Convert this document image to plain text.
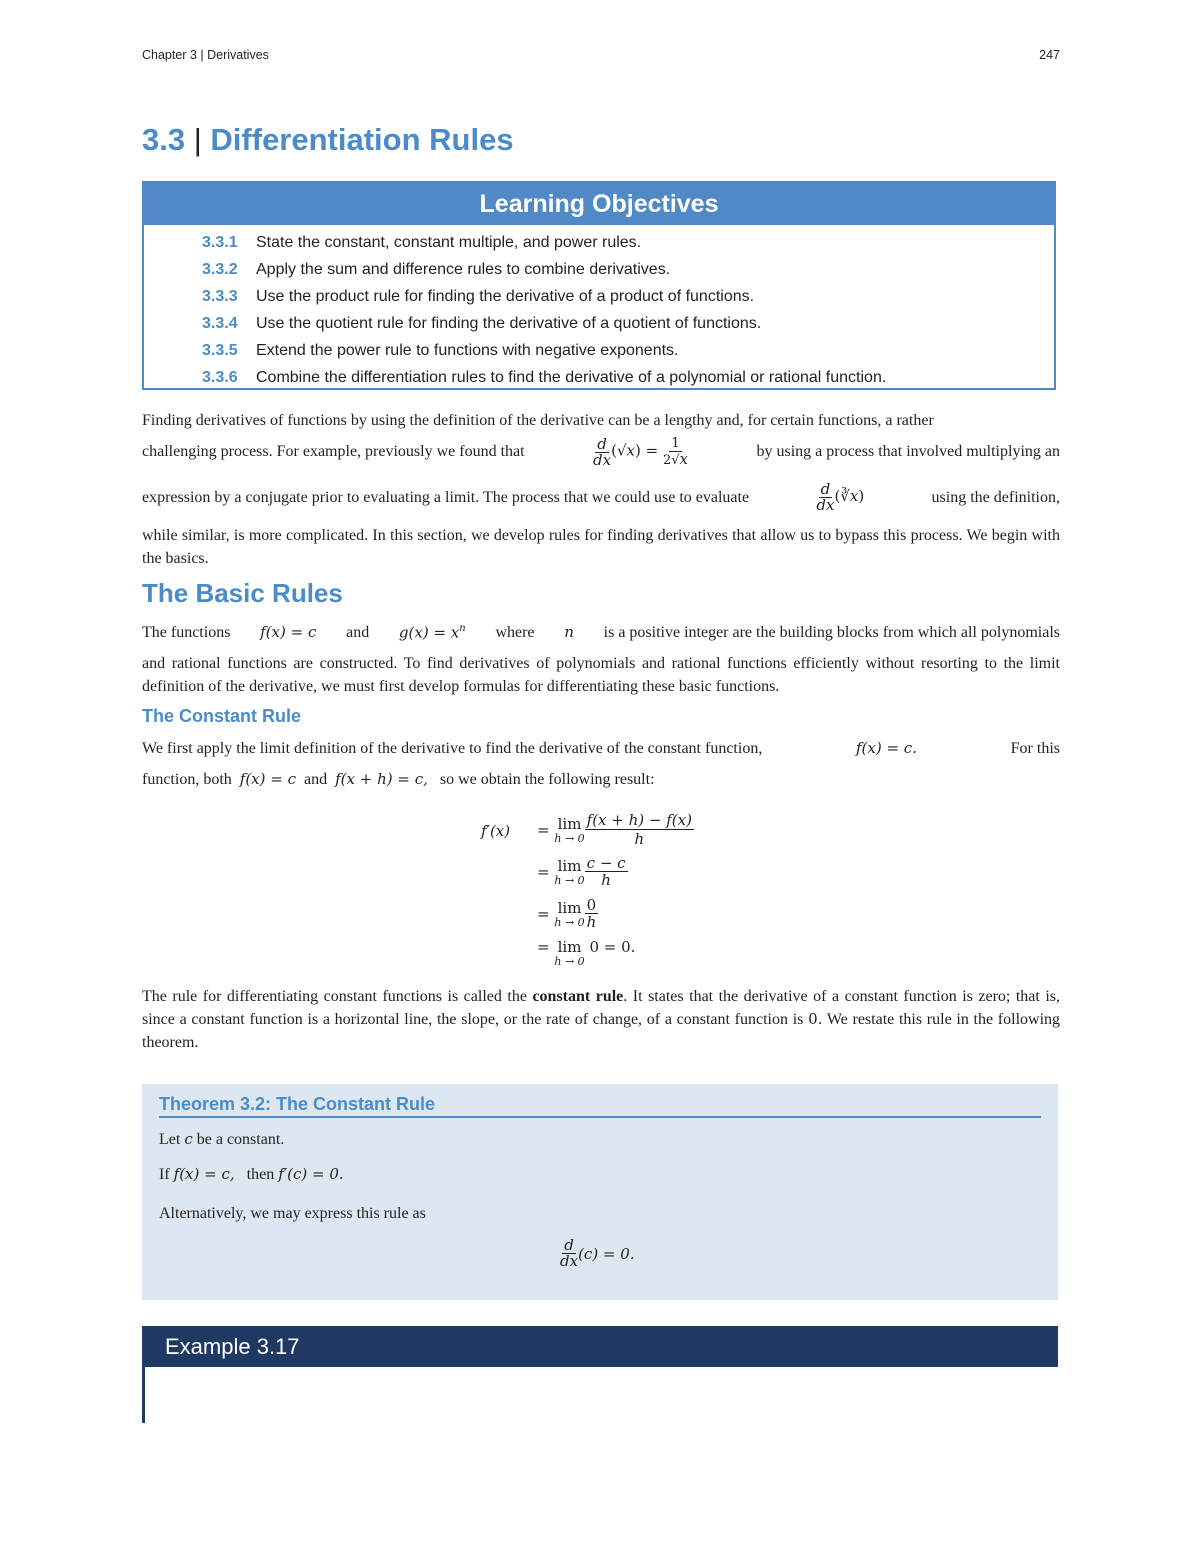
Chapter 3 | Derivatives	247
3.3 | Differentiation Rules
Learning Objectives
3.3.1 State the constant, constant multiple, and power rules.
3.3.2 Apply the sum and difference rules to combine derivatives.
3.3.3 Use the product rule for finding the derivative of a product of functions.
3.3.4 Use the quotient rule for finding the derivative of a quotient of functions.
3.3.5 Extend the power rule to functions with negative exponents.
3.3.6 Combine the differentiation rules to find the derivative of a polynomial or rational function.
Finding derivatives of functions by using the definition of the derivative can be a lengthy and, for certain functions, a rather
challenging process. For example, previously we found that	$\frac{d}{dx} (√x) = \frac{1}{2√x}$	by using a process that involved multiplying an
expression by a conjugate prior to evaluating a limit. The process that we could use to evaluate	$\frac{d}{dx}$ (∛x)	using the definition,
while similar, is more complicated. In this section, we develop rules for finding derivatives that allow us to bypass this process. We begin with the basics.
The Basic Rules
The functions f(x) = c and $g(x) = x^n$ where n is a positive integer are the building blocks from which all polynomials
and rational functions are constructed. To find derivatives of polynomials and rational functions efficiently without resorting to the limit definition of the derivative, we must first develop formulas for differentiating these basic functions.
The Constant Rule
We first apply the limit definition of the derivative to find the derivative of the constant function,	f(x) = c.	For this
function, both f(x) = c and f(x + h) = c, so we obtain the following result:
f′(x) =
lim
$h \to 0 \frac{f(x + h) - f(x)}{h}$
=
lim
$h \to 0 \frac{c - c}{h}$
=
lim
$h \to 0 \frac{0}{h}$
=
lim
h → 0

0 = 0.
The rule for differentiating constant functions is called the constant rule. It states that the derivative of a constant function is zero; that is, since a constant function is a horizontal line, the slope, or the rate of change, of a constant function is 0. We restate this rule in the following theorem.
Theorem 3.2: The Constant Rule
Let c be a constant.
If f(x) = c, then f′(c) = 0.
Alternatively, we may express this rule as
$\frac{d}{dx} (c) = 0$.
Example 3.17
